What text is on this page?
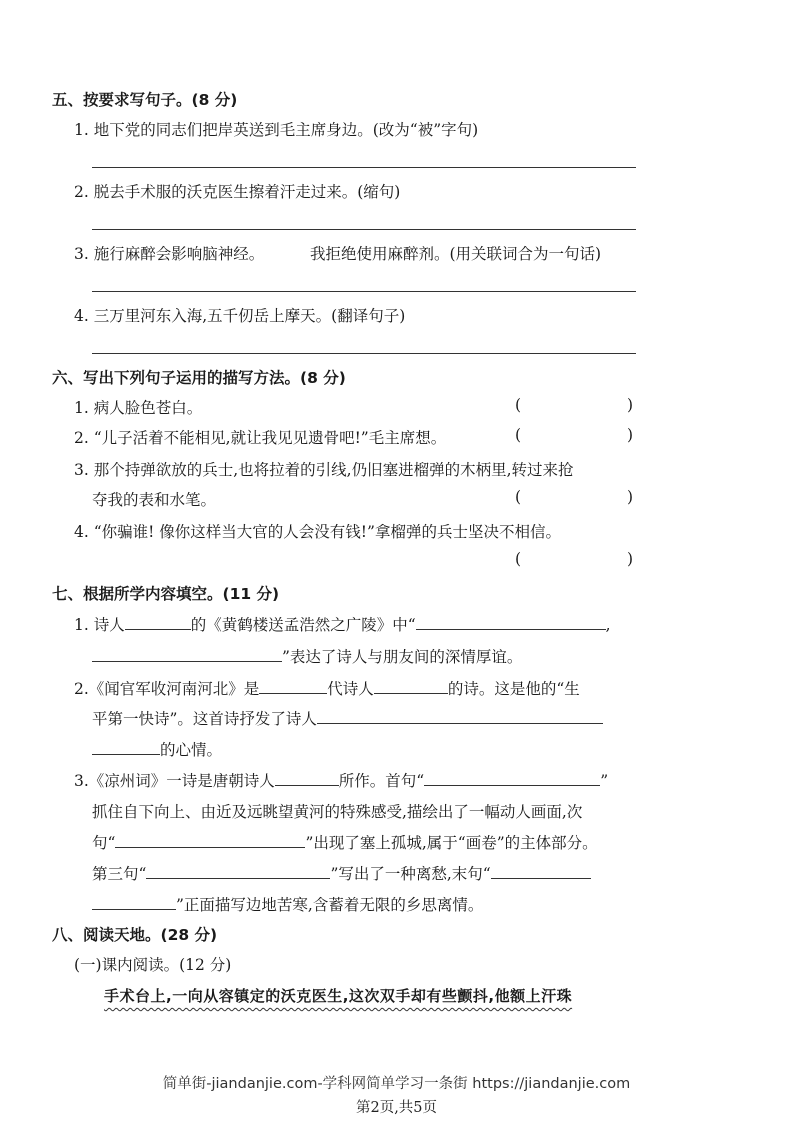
五、按要求写句子。(8 分)
1. 地下党的同志们把岸英送到毛主席身边。(改为“被”字句)
2. 脱去手术服的沃克医生擦着汗走过来。(缩句)
3. 施行麻醉会影响脑神经。	我拒绝使用麻醉剂。(用关联词合为一句话)
4. 三万里河东入海,五千仞岳上摩天。(翻译句子)
六、写出下列句子运用的描写方法。(8 分)
1. 病人脸色苍白。	(	)
2. “儿子活着不能相见,就让我见见遗骨吧!”毛主席想。	(	)
3. 那个持弹欲放的兵士,也将拉着的引线,仍旧塞进榴弹的木柄里,转过来抢
夺我的表和水笔。	(	)
4. “你骗谁! 像你这样当大官的人会没有钱!”拿榴弹的兵士坚决不相信。
(	)
七、根据所学内容填空。(11 分)
1. 诗人	的《黄鹤楼送孟浩然之广陵》中“	,
”表达了诗人与朋友间的深情厚谊。
2.《闻官军收河南河北》是	代诗人	的诗。这是他的“生
平第一快诗”。这首诗抒发了诗人
的心情。
3.《凉州词》一诗是唐朝诗人	所作。首句“	”
抓住自下向上、由近及远眺望黄河的特殊感受,描绘出了一幅动人画面,次
句“	”出现了塞上孤城,属于“画卷”的主体部分。
第三句“	”写出了一种离愁,末句“
”正面描写边地苦寒,含蓄着无限的乡思离情。
八、阅读天地。(28 分)
(一)课内阅读。(12 分)
手术台上,一向从容镇定的沃克医生,这次双手却有些颤抖,他额上汗珠
简单街-jiandanjie.com-学科网简单学习一条街 https://jiandanjie.com
第2页,共5页
